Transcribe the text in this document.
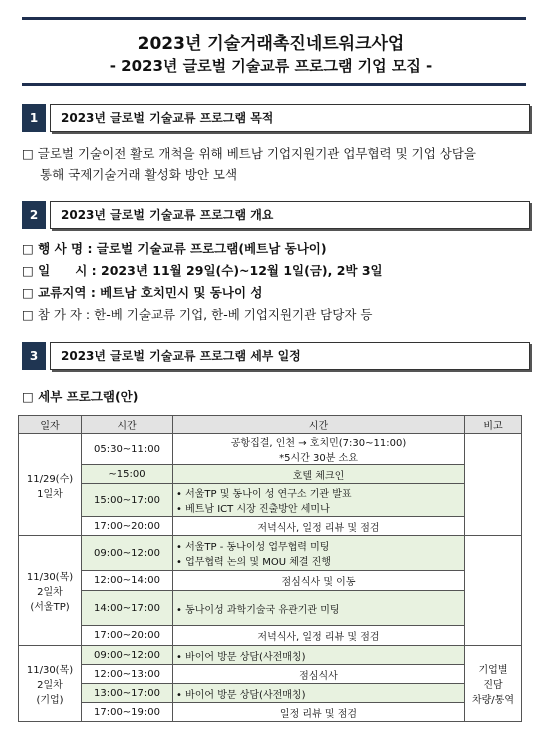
2023년 기술거래촉진네트워크사업
- 2023년 글로벌 기술교류 프로그램 기업 모집 -
1	2023년 글로벌 기술교류 프로그램 목적
□ 글로벌 기술이전 활로 개척을 위해 베트남 기업지원기관 업무협력 및 기업 상담을
통해 국제기술거래 활성화 방안 모색
2	2023년 글로벌 기술교류 프로그램 개요
□ 행 사 명 : 글로벌 기술교류 프로그램(베트남 동나이)
□ 일　　시 : 2023년 11월 29일(수)~12월 1일(금), 2박 3일
□ 교류지역 : 베트남 호치민시 및 동나이 성
□ 참 가 자 : 한-베 기술교류 기업, 한-베 기업지원기관 담당자 등
3	2023년 글로벌 기술교류 프로그램 세부 일정
□ 세부 프로그램(안)
일자	시간	시간	비고

11/29(수)
1일차	05:30~11:00	공항집결, 인천 → 호치민(7:30~11:00)
*5시간 30분 소요	

	~15:00	호텔 체크인	
	15:00~17:00	• 서울TP 및 동나이 성 연구소 기관 발표
• 베트남 ICT 시장 진출방안 세미나	

	17:00~20:00	저녁식사, 일정 리뷰 및 점검	

11/30(목)
2일차
(서울TP)	09:00~12:00	• 서울TP - 동나이성 업무협력 미팅
• 업무협력 논의 및 MOU 체결 진행	

	12:00~14:00	점심식사 및 이동	
	14:00~17:00	• 동나이성 과학기술국 유관기관 미팅	
	17:00~20:00	저녁식사, 일정 리뷰 및 점검	

11/30(목)
2일차
(기업)	09:00~12:00	• 바이어 방문 상담(사전매칭)	기업별
진담
차량/통역

	12:00~13:00	점심식사	
	13:00~17:00	• 바이어 방문 상담(사전매칭)	
	17:00~19:00	일정 리뷰 및 점검	
